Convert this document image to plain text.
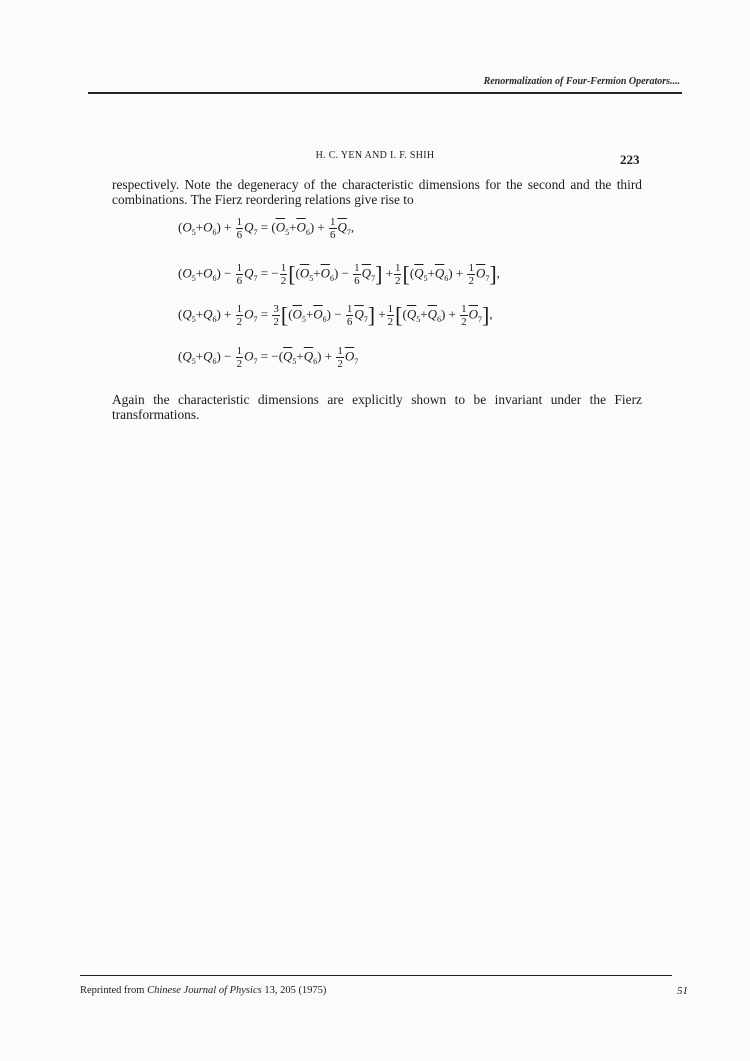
Renormalization of Four-Fermion Operators....
H. C. YEN AND I. F. SHIH	223
respectively. Note the degeneracy of the characteristic dimensions for the second and the third combinations. The Fierz reordering relations give rise to
$(O_5+O_6) + \frac{1}{6} Q_7 = (\overline{O}_5+\overline{O}_6) + \frac{1}{6} \overline{Q}_7$,
$(O_5+O_6) - \frac{1}{6} Q_7$ = − $\frac{1}{2} [(\overline{O}_5+\overline{O}_6) - \frac{1}{6} \overline{Q}_7] + \frac{1}{2} [(\overline{Q}_5+\overline{Q}_6) + \frac{1}{2} \overline{O}_7]$,
$(Q_5+Q_6) + \frac{1}{2} O_7 = \frac{3}{2} [(\overline{O}_5+\overline{O}_6) - \frac{1}{6} \overline{Q}_7] + \frac{1}{2} [(\overline{Q}_5+\overline{Q}_6) + \frac{1}{2} \overline{O}_7]$,
$(Q_5+Q_6) - \frac{1}{2} O_7 = -(\overline{Q}_5+\overline{Q}_6) + \frac{1}{2} \overline{O}_7$
Again the characteristic dimensions are explicitly shown to be invariant under the Fierz transformations.
Reprinted from Chinese Journal of Physics 13, 205 (1975)	51
